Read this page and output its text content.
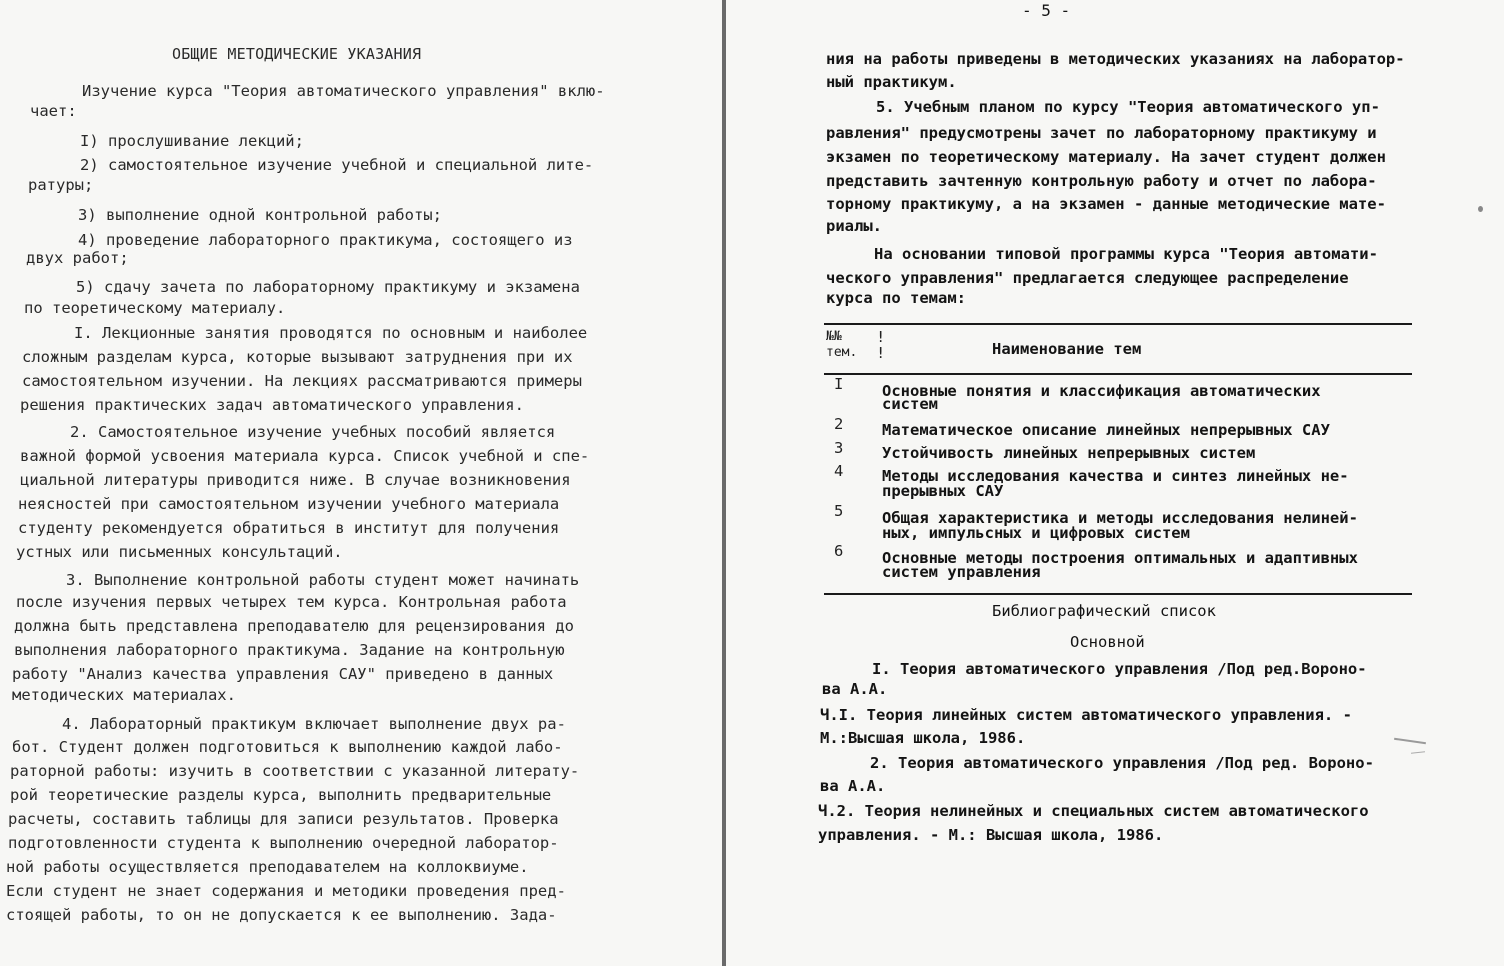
ОБЩИЕ МЕТОДИЧЕСКИЕ УКАЗАНИЯ
Изучение курса "Теория автоматического управления" вклю-
чает:
I) прослушивание лекций;
2) самостоятельное изучение учебной и специальной лите-
ратуры;
3) выполнение одной контрольной работы;
4) проведение лабораторного практикума, состоящего из
двух работ;
5) сдачу зачета по лабораторному практикуму и экзамена
по теоретическому материалу.
I. Лекционные занятия проводятся по основным и наиболее
сложным разделам курса, которые вызывают затруднения при их
самостоятельном изучении. На лекциях рассматриваются примеры
решения практических задач автоматического управления.
2. Самостоятельное изучение учебных пособий является
важной формой усвоения материала курса. Список учебной и спе-
циальной литературы приводится ниже. В случае возникновения
неясностей при самостоятельном изучении учебного материала
студенту рекомендуется обратиться в институт для получения
устных или письменных консультаций.
3. Выполнение контрольной работы студент может начинать
после изучения первых четырех тем курса. Контрольная работа
должна быть представлена преподавателю для рецензирования до
выполнения лабораторного практикума. Задание на контрольную
работу "Анализ качества управления САУ" приведено в данных
методических материалах.
4. Лабораторный практикум включает выполнение двух ра-
бот. Студент должен подготовиться к выполнению каждой лабо-
раторной работы: изучить в соответствии с указанной литерату-
рой теоретические разделы курса, выполнить предварительные
расчеты, составить таблицы для записи результатов. Проверка
подготовленности студента к выполнению очередной лаборатор-
ной работы осуществляется преподавателем на коллоквиуме.
Если студент не знает содержания и методики проведения пред-
стоящей работы, то он не допускается к ее выполнению. Зада-
- 5 -
ния на работы приведены в методических указаниях на лаборатор-
ный практикум.
5. Учебным планом по курсу "Теория автоматического уп-
равления" предусмотрены зачет по лабораторному практикуму и
экзамен по теоретическому материалу. На зачет студент должен
представить зачтенную контрольную работу и отчет по лабора-
торному практикуму, а на экзамен - данные методические мате-
риалы.
На основании типовой программы курса "Теория автомати-
ческого управления" предлагается следующее распределение
курса по темам:
№№
тем.
!
!	Наименование тем
I Основные понятия и классификация автоматических
систем
2 Математическое описание линейных непрерывных САУ
3 Устойчивость линейных непрерывных систем
4 Методы исследования качества и синтез линейных не-
прерывных САУ
5 Общая характеристика и методы исследования нелиней-
ных, импульсных и цифровых систем
6 Основные методы построения оптимальных и адаптивных
систем управления
Библиографический список
Основной
I. Теория автоматического управления /Под ред.Вороно-
ва А.А.
Ч.I. Теория линейных систем автоматического управления. -
М.:Высшая школа, 1986.
2. Теория автоматического управления /Под ред. Вороно-
ва А.А.
Ч.2. Теория нелинейных и специальных систем автоматического
управления. - М.: Высшая школа, 1986.
